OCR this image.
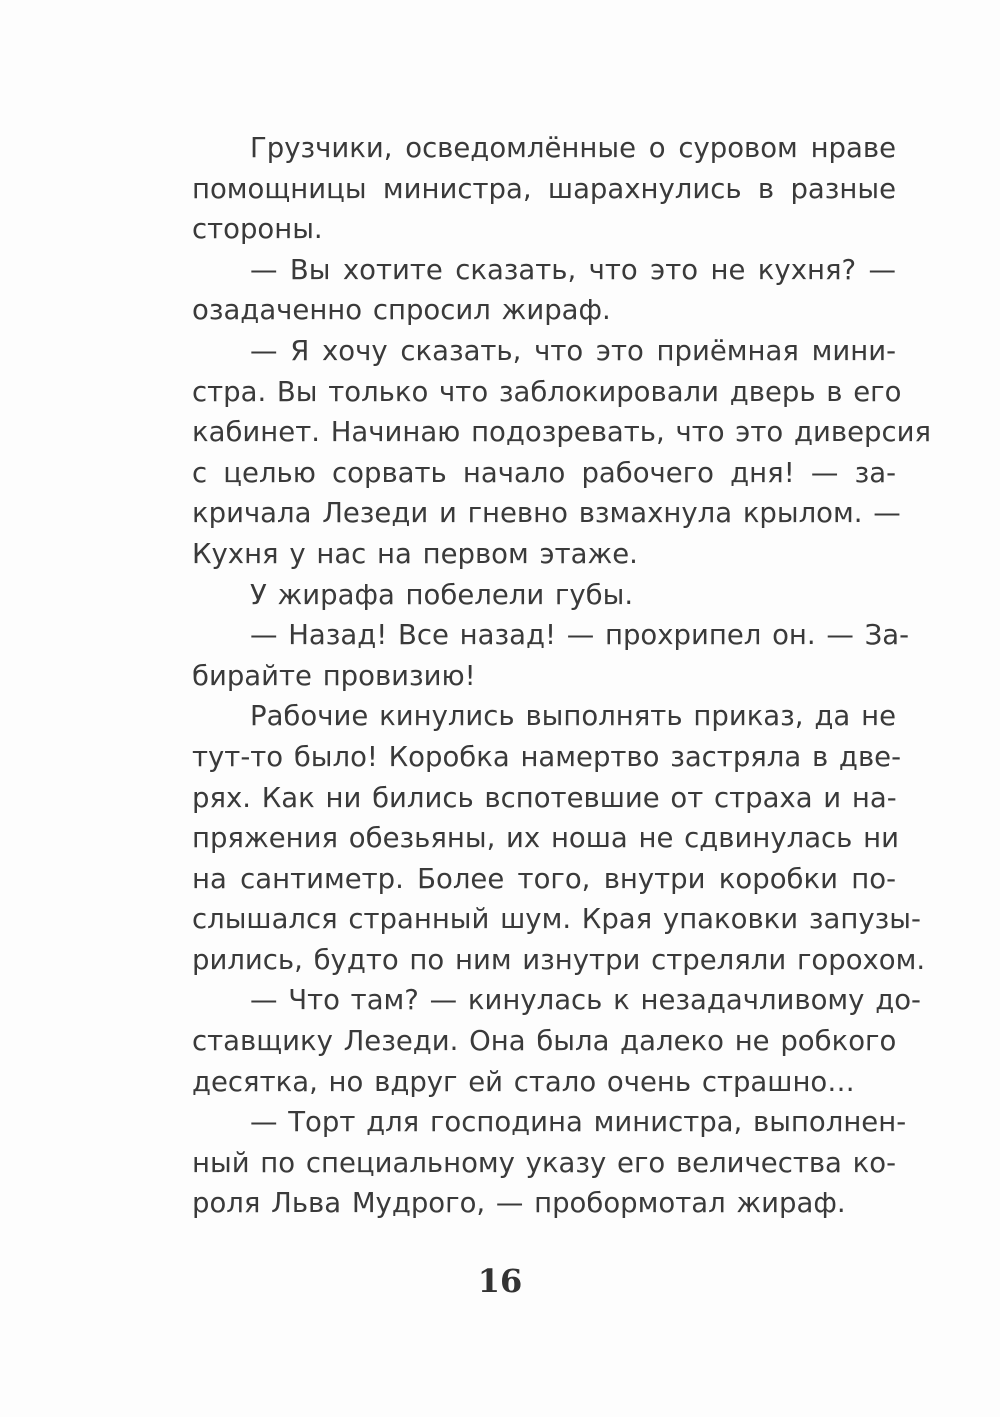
Грузчики, осведомлённые о суровом нраве
помощницы министра, шарахнулись в разные
стороны.
— Вы хотите сказать, что это не кухня? —
озадаченно спросил жираф.
— Я хочу сказать, что это приёмная мини-
стра. Вы только что заблокировали дверь в его
кабинет. Начинаю подозревать, что это диверсия
с целью сорвать начало рабочего дня! — за-
кричала Лезеди и гневно взмахнула крылом. —
Кухня у нас на первом этаже.
У жирафа побелели губы.
— Назад! Все назад! — прохрипел он. — За-
бирайте провизию!
Рабочие кинулись выполнять приказ, да не
тут-то было! Коробка намертво застряла в две-
рях. Как ни бились вспотевшие от страха и на-
пряжения обезьяны, их ноша не сдвинулась ни
на сантиметр. Более того, внутри коробки по-
слышался странный шум. Края упаковки запузы-
рились, будто по ним изнутри стреляли горохом.
— Что там? — кинулась к незадачливому до-
ставщику Лезеди. Она была далеко не робкого
десятка, но вдруг ей стало очень страшно…
— Торт для господина министра, выполнен-
ный по специальному указу его величества ко-
роля Льва Мудрого, — пробормотал жираф.
16
